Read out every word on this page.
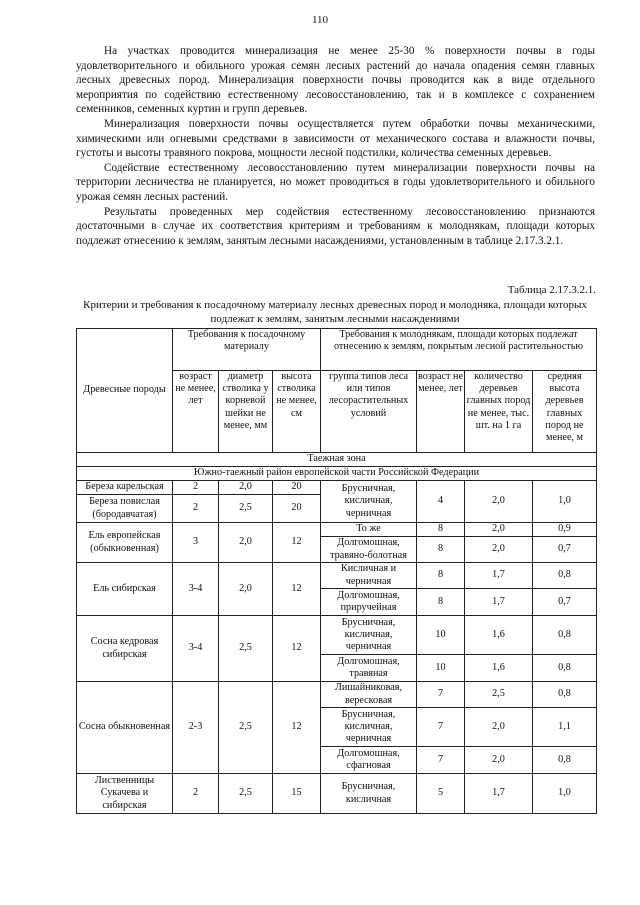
110

На участках проводится минерализация не менее 25-30 % поверхности почвы в годы удовлетворительного и обильного урожая семян лесных растений до начала опадения семян главных лесных древесных пород. Минерализация поверхности почвы проводится как в виде отдельного мероприятия по содействию естественному лесовосстановлению, так и в комплексе с сохранением семенников, семенных куртин и групп деревьев.

Минерализация поверхности почвы осуществляется путем обработки почвы механическими, химическими или огневыми средствами в зависимости от механического состава и влажности почвы, густоты и высоты травяного покрова, мощности лесной подстилки, количества семенных деревьев.

Содействие естественному лесовосстановлению путем минерализации поверхности почвы на территории лесничества не планируется, но может проводиться в годы удовлетворительного и обильного урожая семян лесных растений.

Результаты проведенных мер содействия естественному лесовосстановлению признаются достаточными в случае их соответствия критериям и требованиям к молоднякам, площади которых подлежат отнесению к землям, занятым лесными насаждениями, установленным в таблице 2.17.3.2.1.

Таблица 2.17.3.2.1.
Критерии и требования к посадочному материалу лесных древесных пород и молодняка, площади которых подлежат к землям, занятым лесными насаждениями
Древесные породы	Требования к посадочному материалу			Требования к молоднякам, площади которых подлежат отнесению к землям, покрытым лесной растительностью			
	возраст не менее, лет	диаметр стволика у корневой шейки не менее, мм	высота стволика не менее, см	группа типов леса или типов лесорастительных условий	возраст не менее, лет	количество деревьев главных пород не менее, тыс. шт. на 1 га	средняя высота деревьев главных пород не менее, м
Таежная зона							
Южно-таежный район европейской части Российской Федерации							
Береза карельская	2	2,0	20	Брусничная, кисличная, черничная	4	2,0	1,0
Береза повислая (бородавчатая)	2	2,5	20				
Ель европейская (обыкновенная)	3	2,0	12	То же	8	2,0	0,9
				Долгомошная, травяно-болотная	8	2,0	0,7
Ель сибирская	3-4	2,0	12	Кисличная и черничная	8	1,7	0,8
				Долгомошная, приручейная	8	1,7	0,7
Сосна кедровая сибирская	3-4	2,5	12	Брусничная, кисличная, черничная	10	1,6	0,8
				Долгомошная, травяная	10	1,6	0,8
Сосна обыкновенная	2-3	2,5	12	Лишайниковая, вересковая	7	2,5	0,8
				Брусничная, кисличная, черничная	7	2,0	1,1
				Долгомошная, сфагновая	7	2,0	0,8
Лиственницы Сукачева и сибирская	2	2,5	15	Брусничная, кисличная	5	1,7	1,0
